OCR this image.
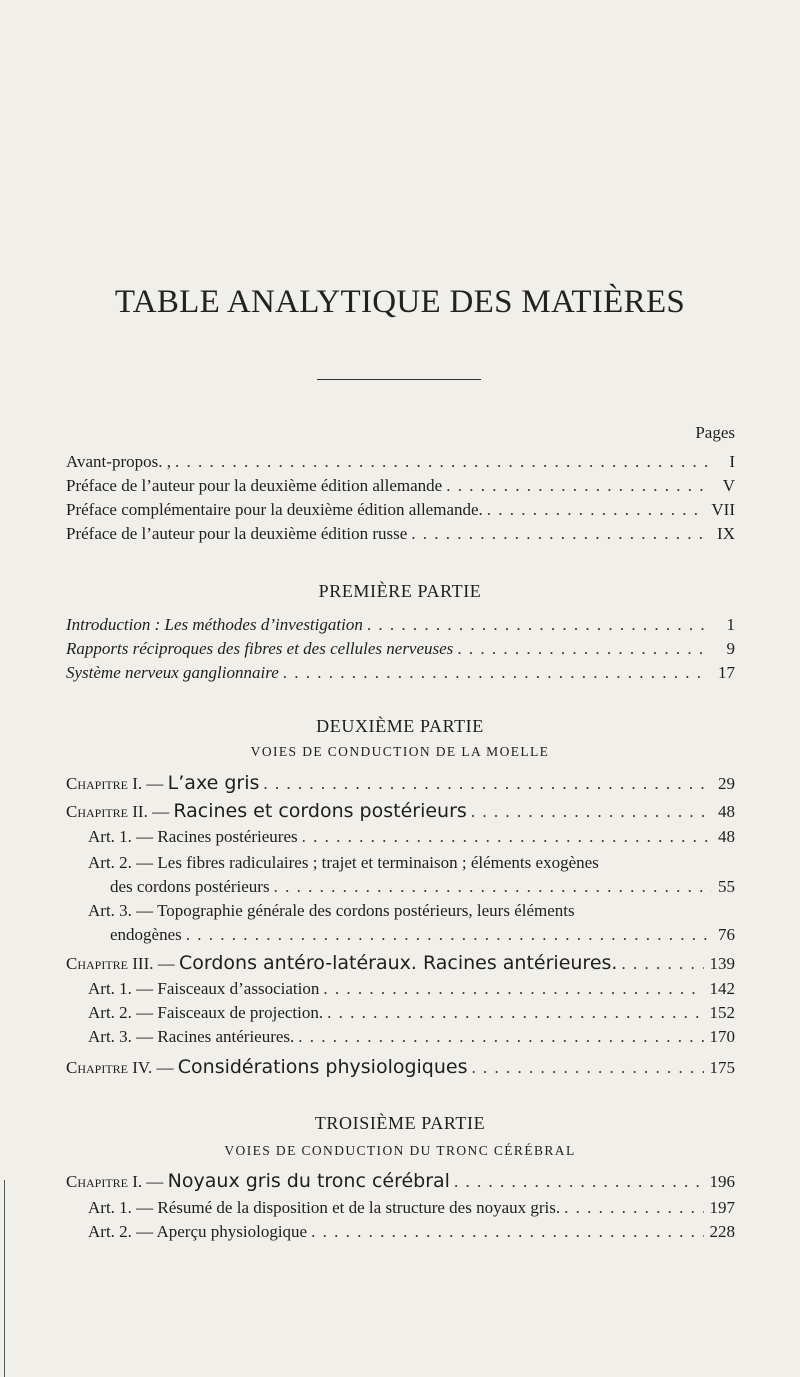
TABLE ANALYTIQUE DES MATIÈRES
Pages
Avant-propos. , . . .	I
Préface de l’auteur pour la deuxième édition allemande . . .	V
Préface complémentaire pour la deuxième édition allemande. . . .	VII
Préface de l’auteur pour la deuxième édition russe . . .	IX
PREMIÈRE PARTIE
Introduction : Les méthodes d’investigation . . .	1
Rapports réciproques des fibres et des cellules nerveuses . . .	9
Système nerveux ganglionnaire . . .	17
DEUXIÈME PARTIE
VOIES DE CONDUCTION DE LA MOELLE
Chapitre I. — L’axe gris . . .	29
Chapitre II. — Racines et cordons postérieurs . . .	48
Art. 1. — Racines postérieures . . .	48
Art. 2. — Les fibres radiculaires ; trajet et terminaison ; éléments exogènes
des cordons postérieurs . . .	55
Art. 3. — Topographie générale des cordons postérieurs, leurs éléments
endogènes . . .	76
Chapitre III. — Cordons antéro-latéraux. Racines antérieures. . . .	139
Art. 1. — Faisceaux d’association . . .	142
Art. 2. — Faisceaux de projection. . . .	152
Art. 3. — Racines antérieures. . . .	170
Chapitre IV. — Considérations physiologiques . . .	175
TROISIÈME PARTIE
VOIES DE CONDUCTION DU TRONC CÉRÉBRAL
Chapitre I. — Noyaux gris du tronc cérébral . . .	196
Art. 1. — Résumé de la disposition et de la structure des noyaux gris. . . .	197
Art. 2. — Aperçu physiologique . . .	228
